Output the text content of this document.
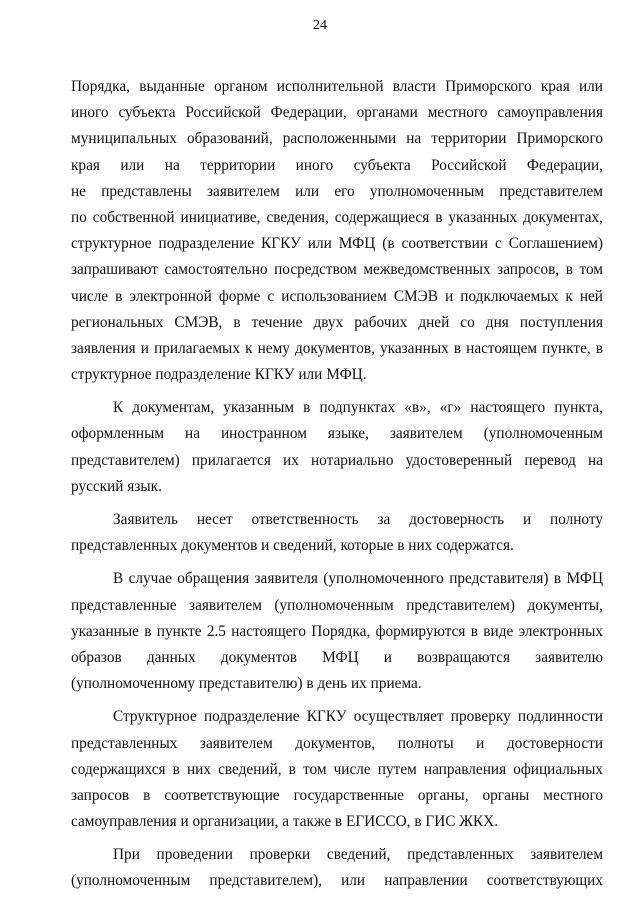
24
Порядка, выданные органом исполнительной власти Приморского края или
иного субъекта Российской Федерации, органами местного самоуправления
муниципальных образований, расположенными на территории Приморского
края или на территории иного субъекта Российской Федерации,
не представлены заявителем или его уполномоченным представителем
по собственной инициативе, сведения, содержащиеся в указанных документах,
структурное подразделение КГКУ или МФЦ (в соответствии с Соглашением)
запрашивают самостоятельно посредством межведомственных запросов, в том
числе в электронной форме с использованием СМЭВ и подключаемых к ней
региональных СМЭВ, в течение двух рабочих дней со дня поступления
заявления и прилагаемых к нему документов, указанных в настоящем пункте, в
структурное подразделение КГКУ или МФЦ.
К документам, указанным в подпунктах «в», «г» настоящего пункта,
оформленным на иностранном языке, заявителем (уполномоченным
представителем) прилагается их нотариально удостоверенный перевод на
русский язык.
Заявитель несет ответственность за достоверность и полноту
представленных документов и сведений, которые в них содержатся.
В случае обращения заявителя (уполномоченного представителя) в МФЦ
представленные заявителем (уполномоченным представителем) документы,
указанные в пункте 2.5 настоящего Порядка, формируются в виде электронных
образов данных документов МФЦ и возвращаются заявителю
(уполномоченному представителю) в день их приема.
Структурное подразделение КГКУ осуществляет проверку подлинности
представленных заявителем документов, полноты и достоверности
содержащихся в них сведений, в том числе путем направления официальных
запросов в соответствующие государственные органы, органы местного
самоуправления и организации, а также в ЕГИССО, в ГИС ЖКХ.
При проведении проверки сведений, представленных заявителем
(уполномоченным представителем), или направлении соответствующих
